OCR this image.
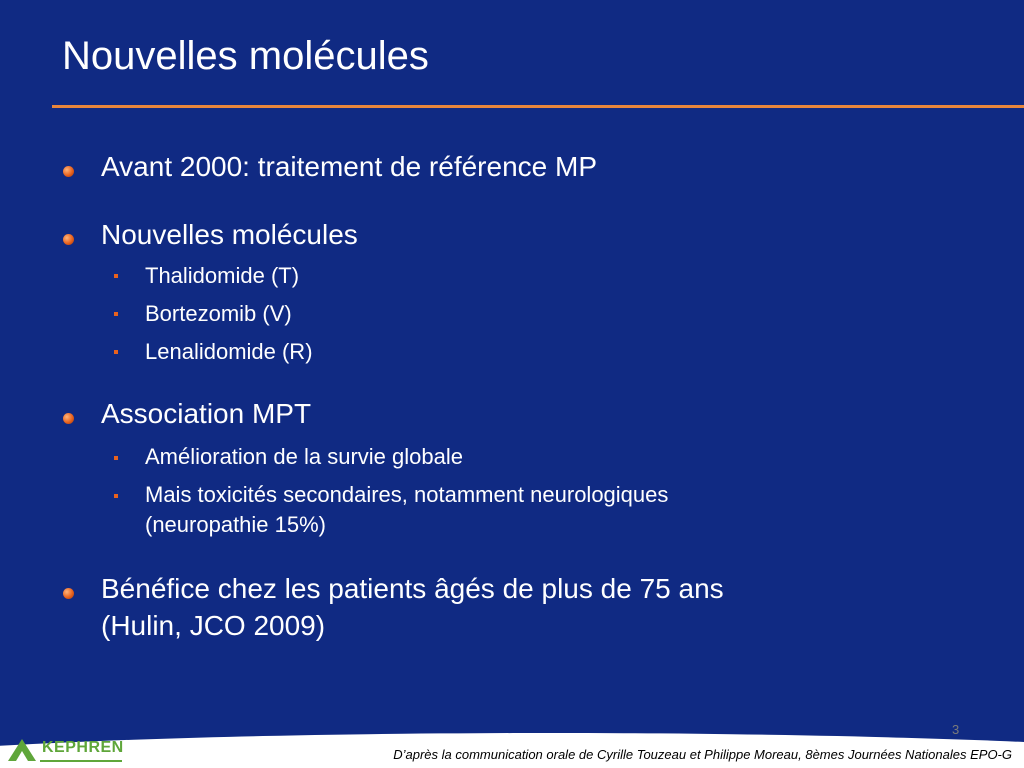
Nouvelles molécules
Avant 2000: traitement de référence MP
Nouvelles molécules
Thalidomide (T)
Bortezomib (V)
Lenalidomide (R)
Association MPT
Amélioration de la survie globale
Mais toxicités secondaires, notamment neurologiques
(neuropathie 15%)
Bénéfice chez les patients âgés de plus de 75 ans
(Hulin, JCO 2009)
3
KEPHREN	D’après la communication orale de Cyrille Touzeau et Philippe Moreau, 8èmes Journées Nationales EPO-G
